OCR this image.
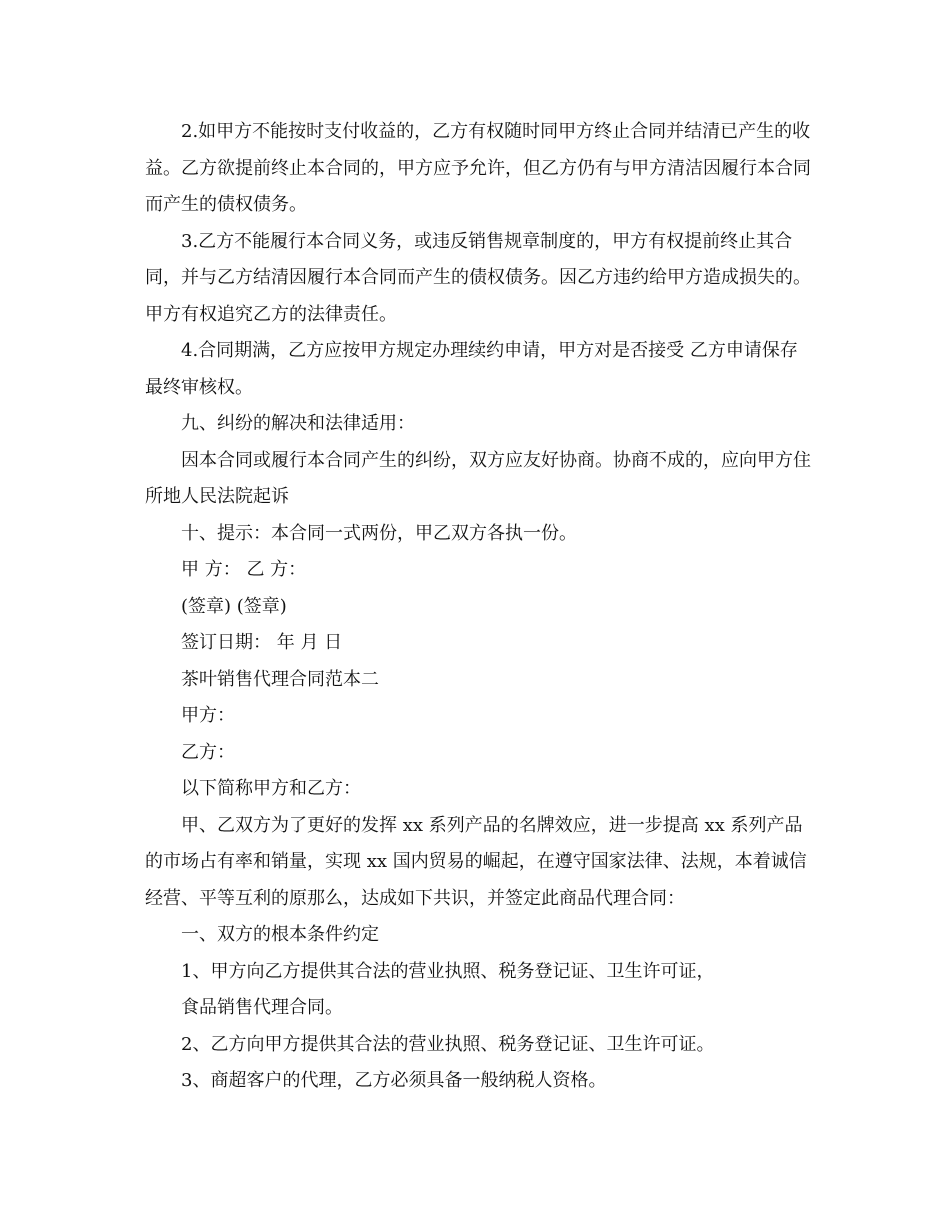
2.如甲方不能按时支付收益的，乙方有权随时同甲方终止合同并结清已产生的收益。乙方欲提前终止本合同的，甲方应予允许，但乙方仍有与甲方清洁因履行本合同而产生的债权债务。

3.乙方不能履行本合同义务，或违反销售规章制度的，甲方有权提前终止其合同，并与乙方结清因履行本合同而产生的债权债务。因乙方违约给甲方造成损失的。甲方有权追究乙方的法律责任。

4.合同期满，乙方应按甲方规定办理续约申请，甲方对是否接受 乙方申请保存最终审核权。

九、纠纷的解决和法律适用：

因本合同或履行本合同产生的纠纷，双方应友好协商。协商不成的，应向甲方住所地人民法院起诉

十、提示：本合同一式两份，甲乙双方各执一份。

甲 方： 乙 方：

(签章) (签章)

签订日期： 年 月 日

茶叶销售代理合同范本二

甲方：

乙方：

以下简称甲方和乙方：

甲、乙双方为了更好的发挥 xx 系列产品的名牌效应，进一步提高 xx 系列产品的市场占有率和销量，实现 xx 国内贸易的崛起，在遵守国家法律、法规，本着诚信经营、平等互利的原那么，达成如下共识，并签定此商品代理合同：

一、双方的根本条件约定

1、甲方向乙方提供其合法的营业执照、税务登记证、卫生许可证，

食品销售代理合同。

2、乙方向甲方提供其合法的营业执照、税务登记证、卫生许可证。

3、商超客户的代理，乙方必须具备一般纳税人资格。
